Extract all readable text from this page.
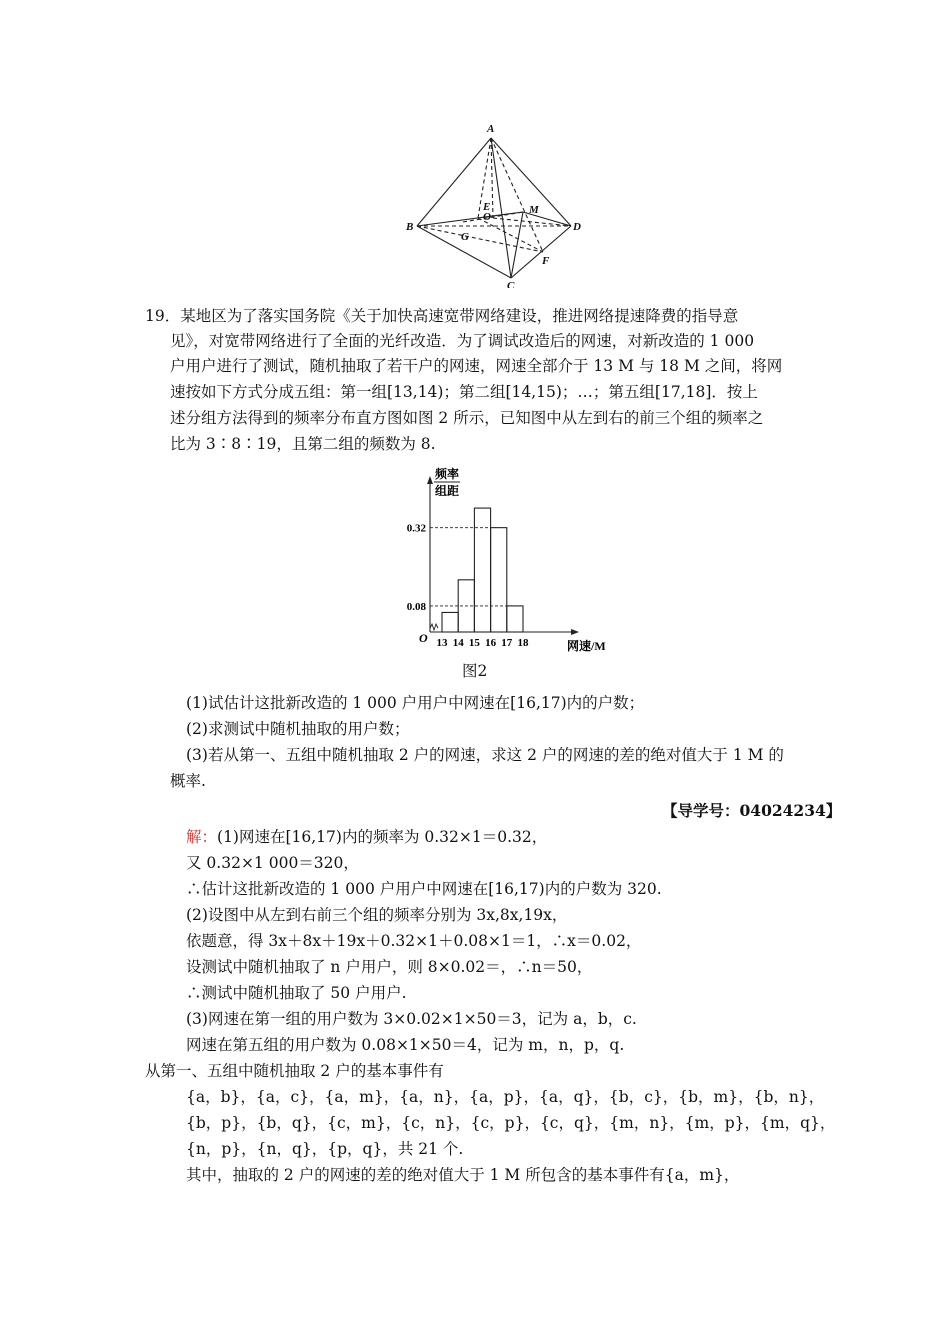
A
B
C
D
E
O
M
G
F
19．某地区为了落实国务院《关于加快高速宽带网络建设，推进网络提速降费的指导意
见》，对宽带网络进行了全面的光纤改造．为了调试改造后的网速，对新改造的 1 000
户用户进行了测试，随机抽取了若干户的网速，网速全部介于 13 M 与 18 M 之间，将网
速按如下方式分成五组：第一组[13,14)；第二组[14,15)；…；第五组[17,18]．按上
述分组方法得到的频率分布直方图如图 2 所示，已知图中从左到右的前三个组的频率之
比为 3∶8∶19，且第二组的频数为 8.
频率
组距
O
网速/M
0.08
0.32
13 14 15 16 17 18
图2
(1)试估计这批新改造的 1 000 户用户中网速在[16,17)内的户数；
(2)求测试中随机抽取的用户数；
(3)若从第一、五组中随机抽取 2 户的网速，求这 2 户的网速的差的绝对值大于 1 M 的
概率.
【导学号：04024234】
解：(1)网速在[16,17)内的频率为 0.32×1＝0.32，
又 0.32×1 000＝320，
∴估计这批新改造的 1 000 户用户中网速在[16,17)内的户数为 320.
(2)设图中从左到右前三个组的频率分别为 3x,8x,19x，
依题意，得 3x＋8x＋19x＋0.32×1＋0.08×1＝1，∴x＝0.02，
设测试中随机抽取了 n 户用户，则 8×0.02＝，∴n＝50，
∴测试中随机抽取了 50 户用户.
(3)网速在第一组的用户数为 3×0.02×1×50＝3，记为 a，b，c.
网速在第五组的用户数为 0.08×1×50＝4，记为 m，n，p，q.
从第一、五组中随机抽取 2 户的基本事件有
{a，b}，{a，c}，{a，m}，{a，n}，{a，p}，{a，q}，{b，c}，{b，m}，{b，n}，
{b，p}，{b，q}，{c，m}，{c，n}，{c，p}，{c，q}，{m，n}，{m，p}，{m，q}，
{n，p}，{n，q}，{p，q}，共 21 个.
其中，抽取的 2 户的网速的差的绝对值大于 1 M 所包含的基本事件有{a，m}，
